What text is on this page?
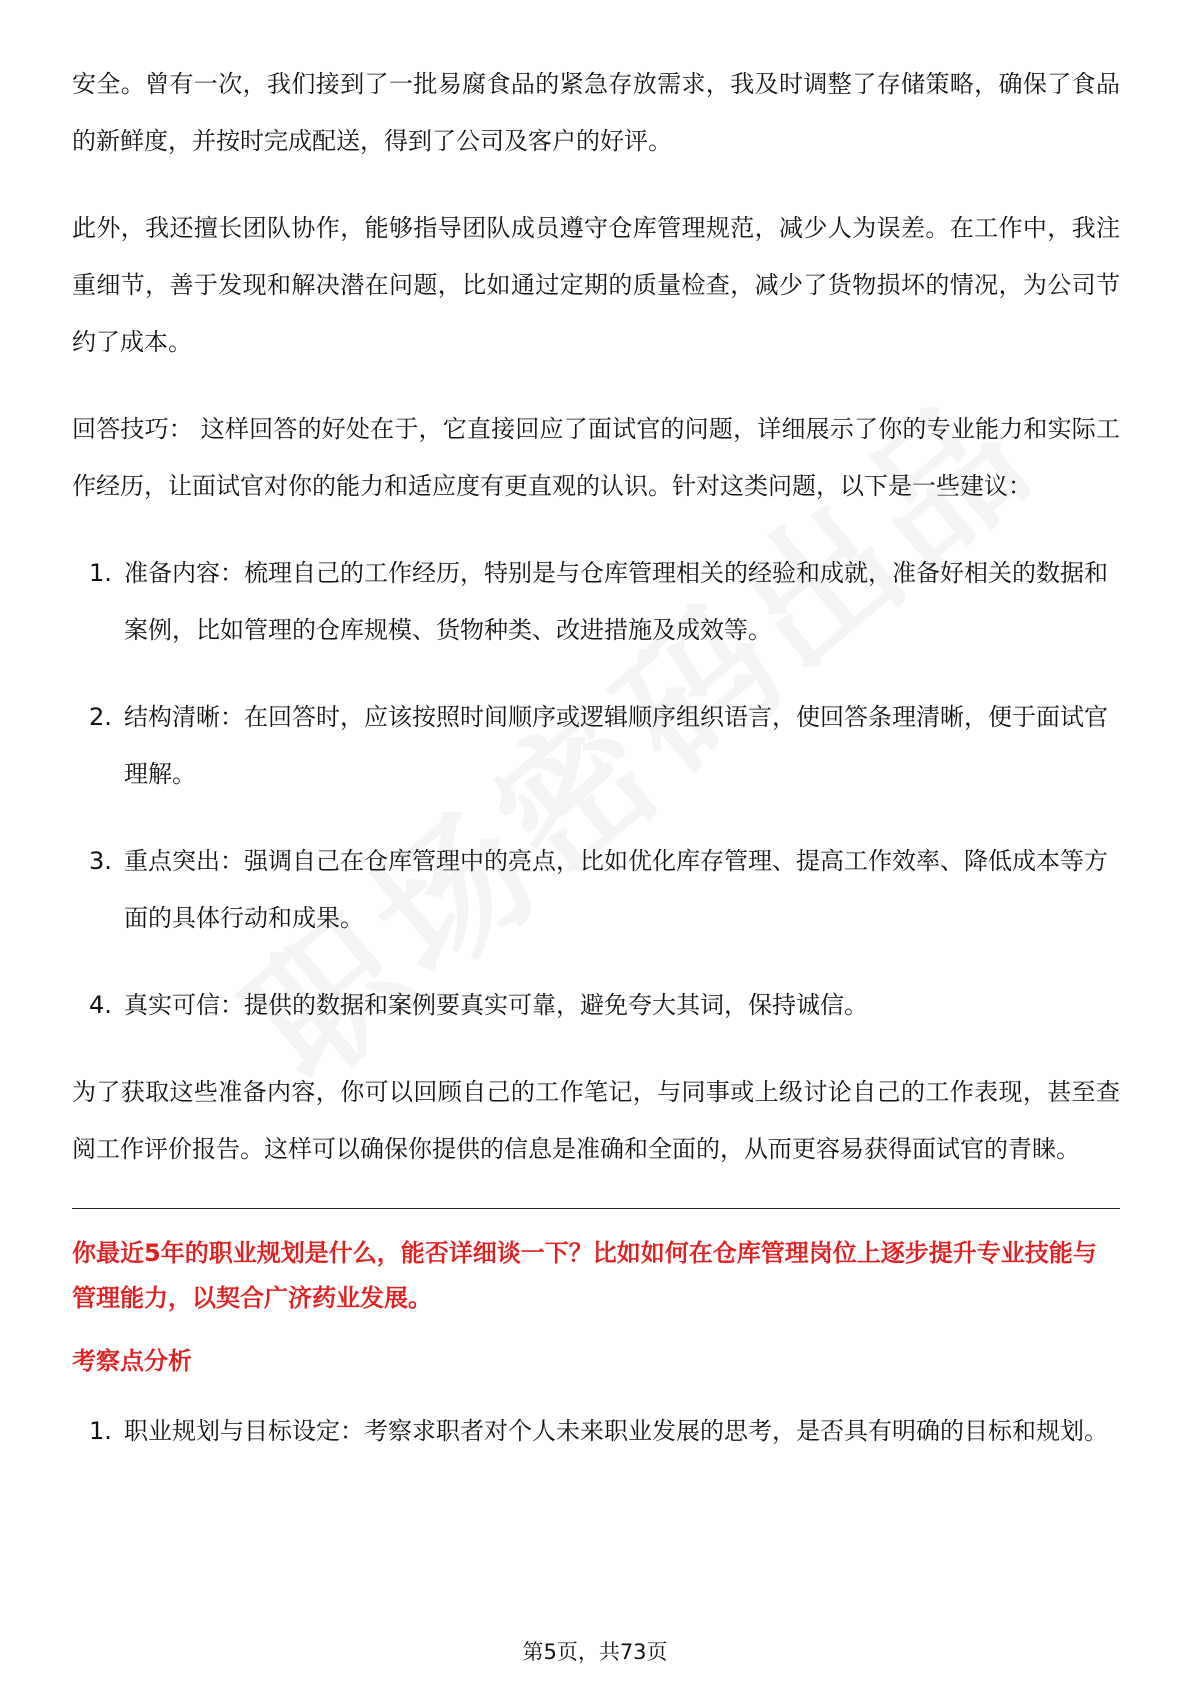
安全。曾有一次，我们接到了一批易腐食品的紧急存放需求，我及时调整了存储策略，确保了食品的新鲜度，并按时完成配送，得到了公司及客户的好评。

此外，我还擅长团队协作，能够指导团队成员遵守仓库管理规范，减少人为误差。在工作中，我注重细节，善于发现和解决潜在问题，比如通过定期的质量检查，减少了货物损坏的情况，为公司节约了成本。

回答技巧： 这样回答的好处在于，它直接回应了面试官的问题，详细展示了你的专业能力和实际工作经历，让面试官对你的能力和适应度有更直观的认识。针对这类问题，以下是一些建议：

1. 准备内容：梳理自己的工作经历，特别是与仓库管理相关的经验和成就，准备好相关的数据和案例，比如管理的仓库规模、货物种类、改进措施及成效等。
2. 结构清晰：在回答时，应该按照时间顺序或逻辑顺序组织语言，使回答条理清晰，便于面试官理解。
3. 重点突出：强调自己在仓库管理中的亮点，比如优化库存管理、提高工作效率、降低成本等方面的具体行动和成果。
4. 真实可信：提供的数据和案例要真实可靠，避免夸大其词，保持诚信。

为了获取这些准备内容，你可以回顾自己的工作笔记，与同事或上级讨论自己的工作表现，甚至查阅工作评价报告。这样可以确保你提供的信息是准确和全面的，从而更容易获得面试官的青睐。

你最近5年的职业规划是什么，能否详细谈一下？比如如何在仓库管理岗位上逐步提升专业技能与管理能力，以契合广济药业发展。
考察点分析
1. 职业规划与目标设定：考察求职者对个人未来职业发展的思考，是否具有明确的目标和规划。
第5页，共73页
